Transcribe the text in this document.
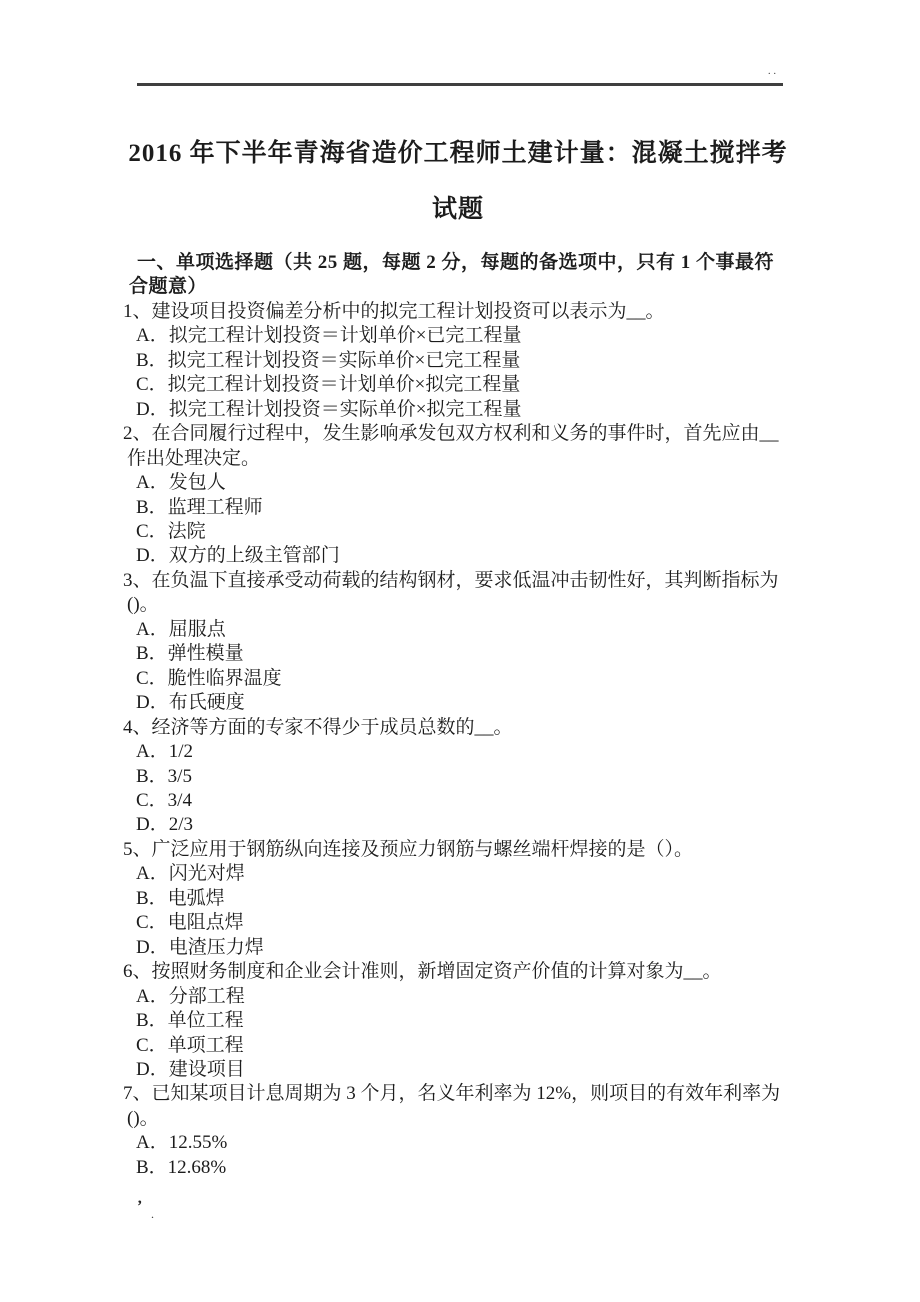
..
2016 年下半年青海省造价工程师土建计量：混凝土搅拌考
试题
一、单项选择题（共 25 题，每题 2 分，每题的备选项中，只有 1 个事最符
合题意）
1、建设项目投资偏差分析中的拟完工程计划投资可以表示为__。
A．拟完工程计划投资＝计划单价×已完工程量
B．拟完工程计划投资＝实际单价×已完工程量
C．拟完工程计划投资＝计划单价×拟完工程量
D．拟完工程计划投资＝实际单价×拟完工程量
2、在合同履行过程中，发生影响承发包双方权利和义务的事件时，首先应由__
作出处理决定。
A．发包人
B．监理工程师
C．法院
D．双方的上级主管部门
3、在负温下直接承受动荷载的结构钢材，要求低温冲击韧性好，其判断指标为
()。
A．屈服点
B．弹性模量
C．脆性临界温度
D．布氏硬度
4、经济等方面的专家不得少于成员总数的__。
A．1/2
B．3/5
C．3/4
D．2/3
5、广泛应用于钢筋纵向连接及预应力钢筋与螺丝端杆焊接的是（）。
A．闪光对焊
B．电弧焊
C．电阻点焊
D．电渣压力焊
6、按照财务制度和企业会计准则，新增固定资产价值的计算对象为__。
A．分部工程
B．单位工程
C．单项工程
D．建设项目
7、已知某项目计息周期为 3 个月，名义年利率为 12%，则项目的有效年利率为
()。
A．12.55%
B．12.68%
’ .
